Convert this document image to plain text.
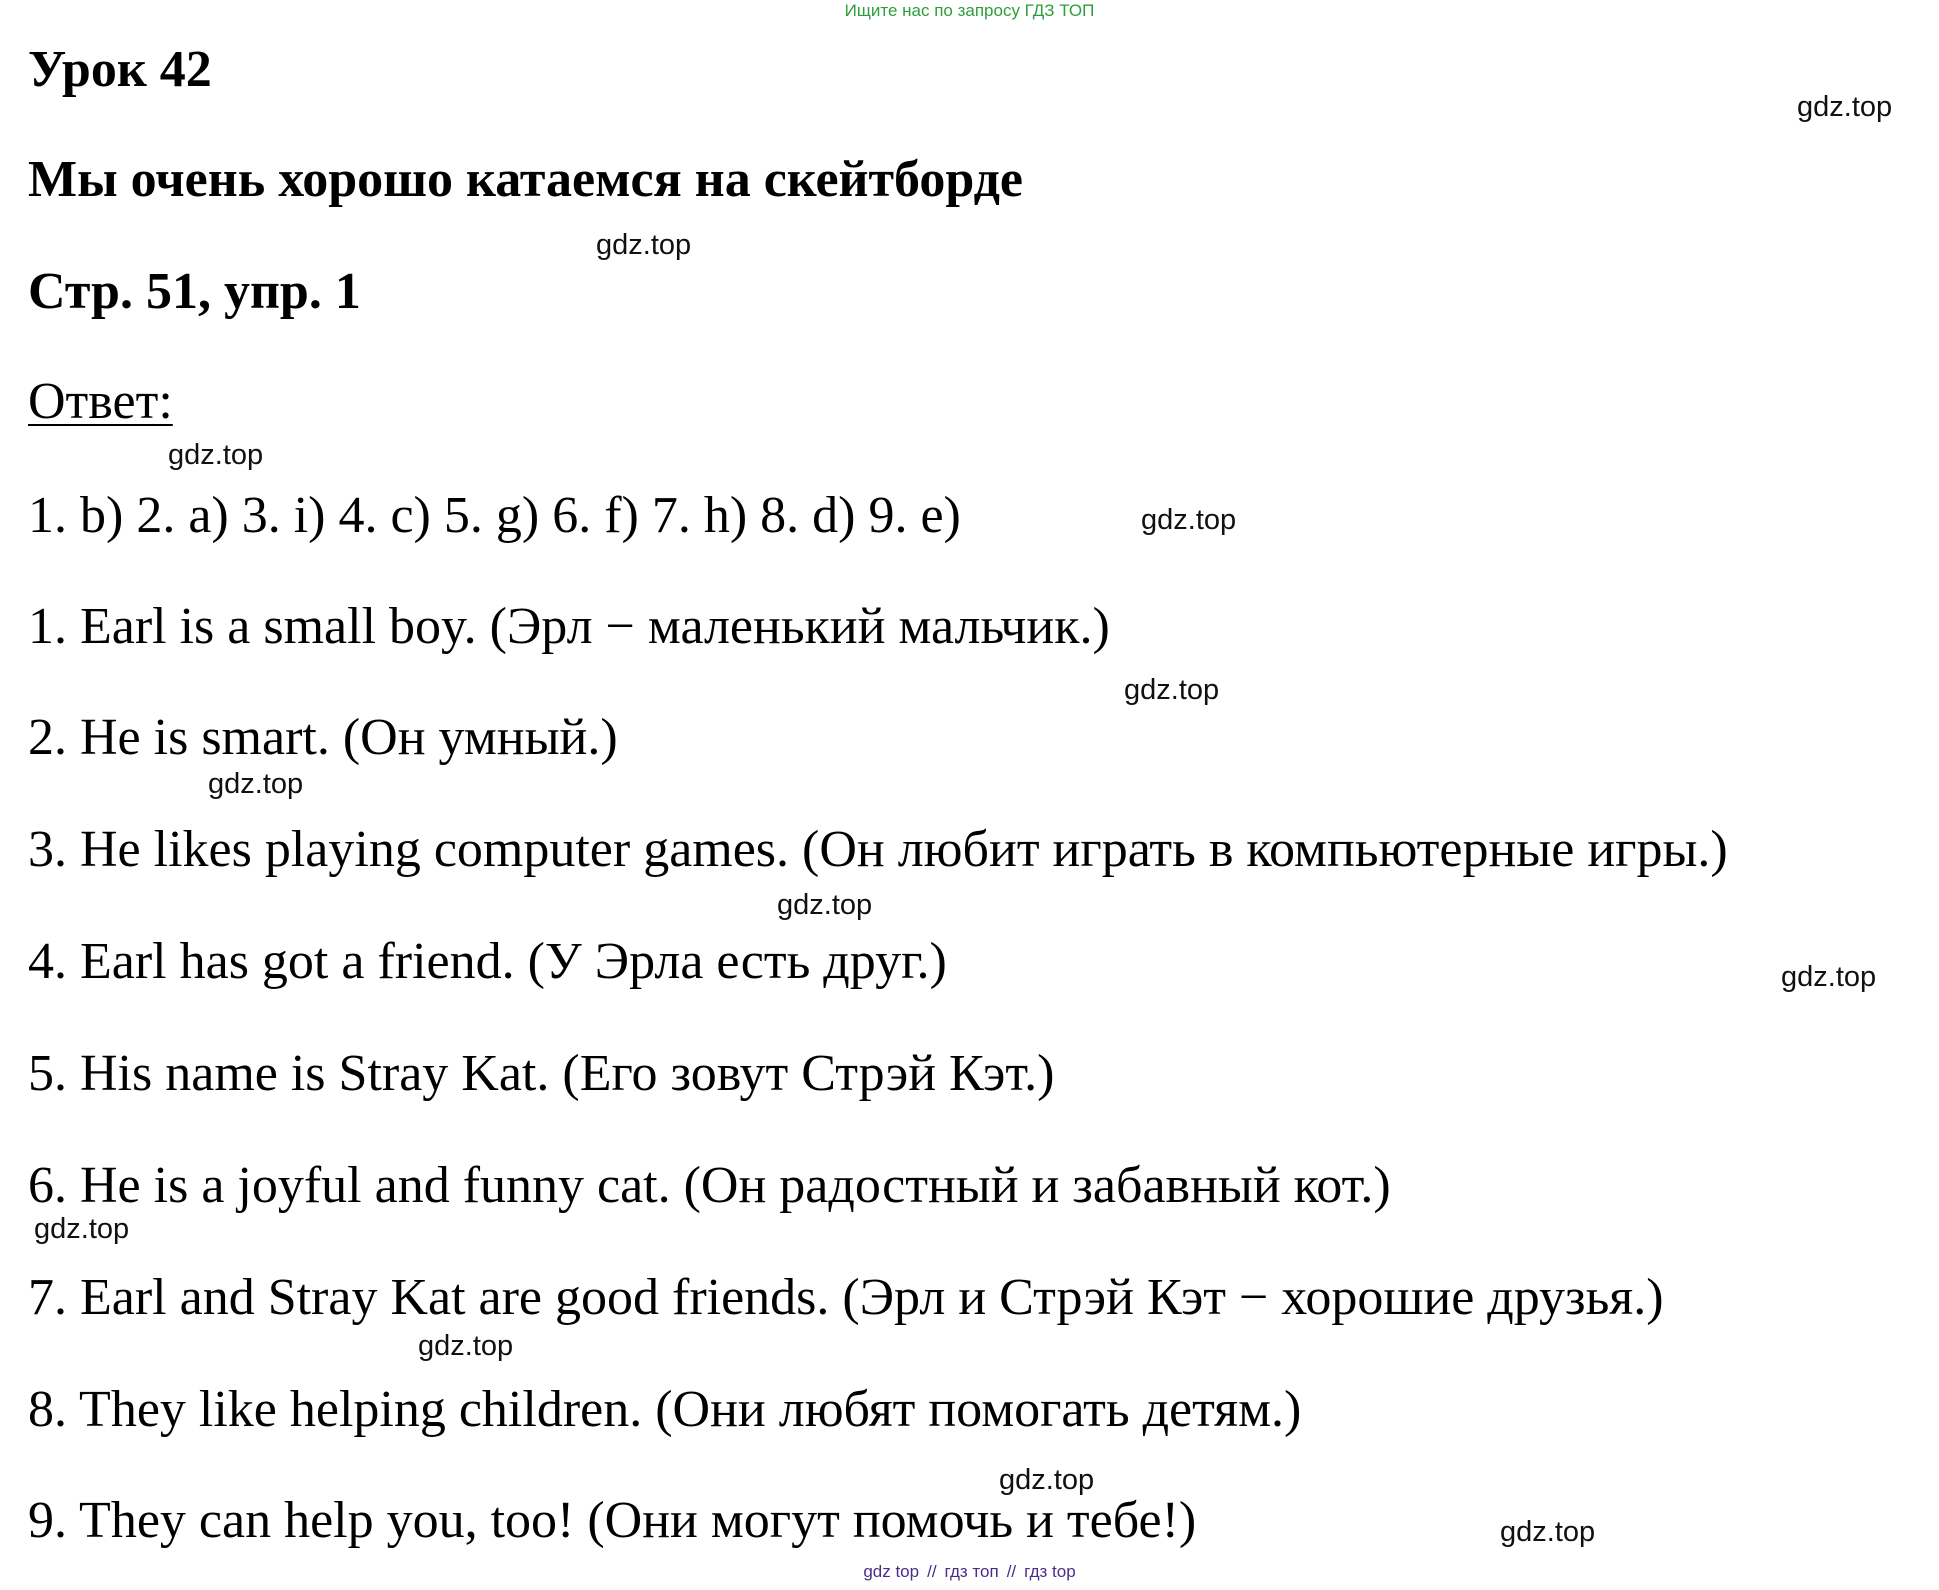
Ищите нас по запросу ГДЗ ТОП
Урок 42
Мы очень хорошо катаемся на скейтборде
Стр. 51, упр. 1
Ответ:
1. b) 2. a) 3. i) 4. c) 5. g) 6. f) 7. h) 8. d) 9. e)
1. Earl is a small boy. (Эрл − маленький мальчик.)
2. He is smart. (Он умный.)
3. He likes playing computer games. (Он любит играть в компьютерные игры.)
4. Earl has got a friend. (У Эрла есть друг.)
5. His name is Stray Kat. (Его зовут Стрэй Кэт.)
6. He is a joyful and funny cat. (Он радостный и забавный кот.)
7. Earl and Stray Kat are good friends. (Эрл и Стрэй Кэт − хорошие друзья.)
8. They like helping children. (Они любят помогать детям.)
9. They can help you, too! (Они могут помочь и тебе!)
gdz.top
gdz.top
gdz.top
gdz.top
gdz.top
gdz.top
gdz.top
gdz.top
gdz.top
gdz.top
gdz.top
gdz.top
gdz top // гдз топ // гдз top
